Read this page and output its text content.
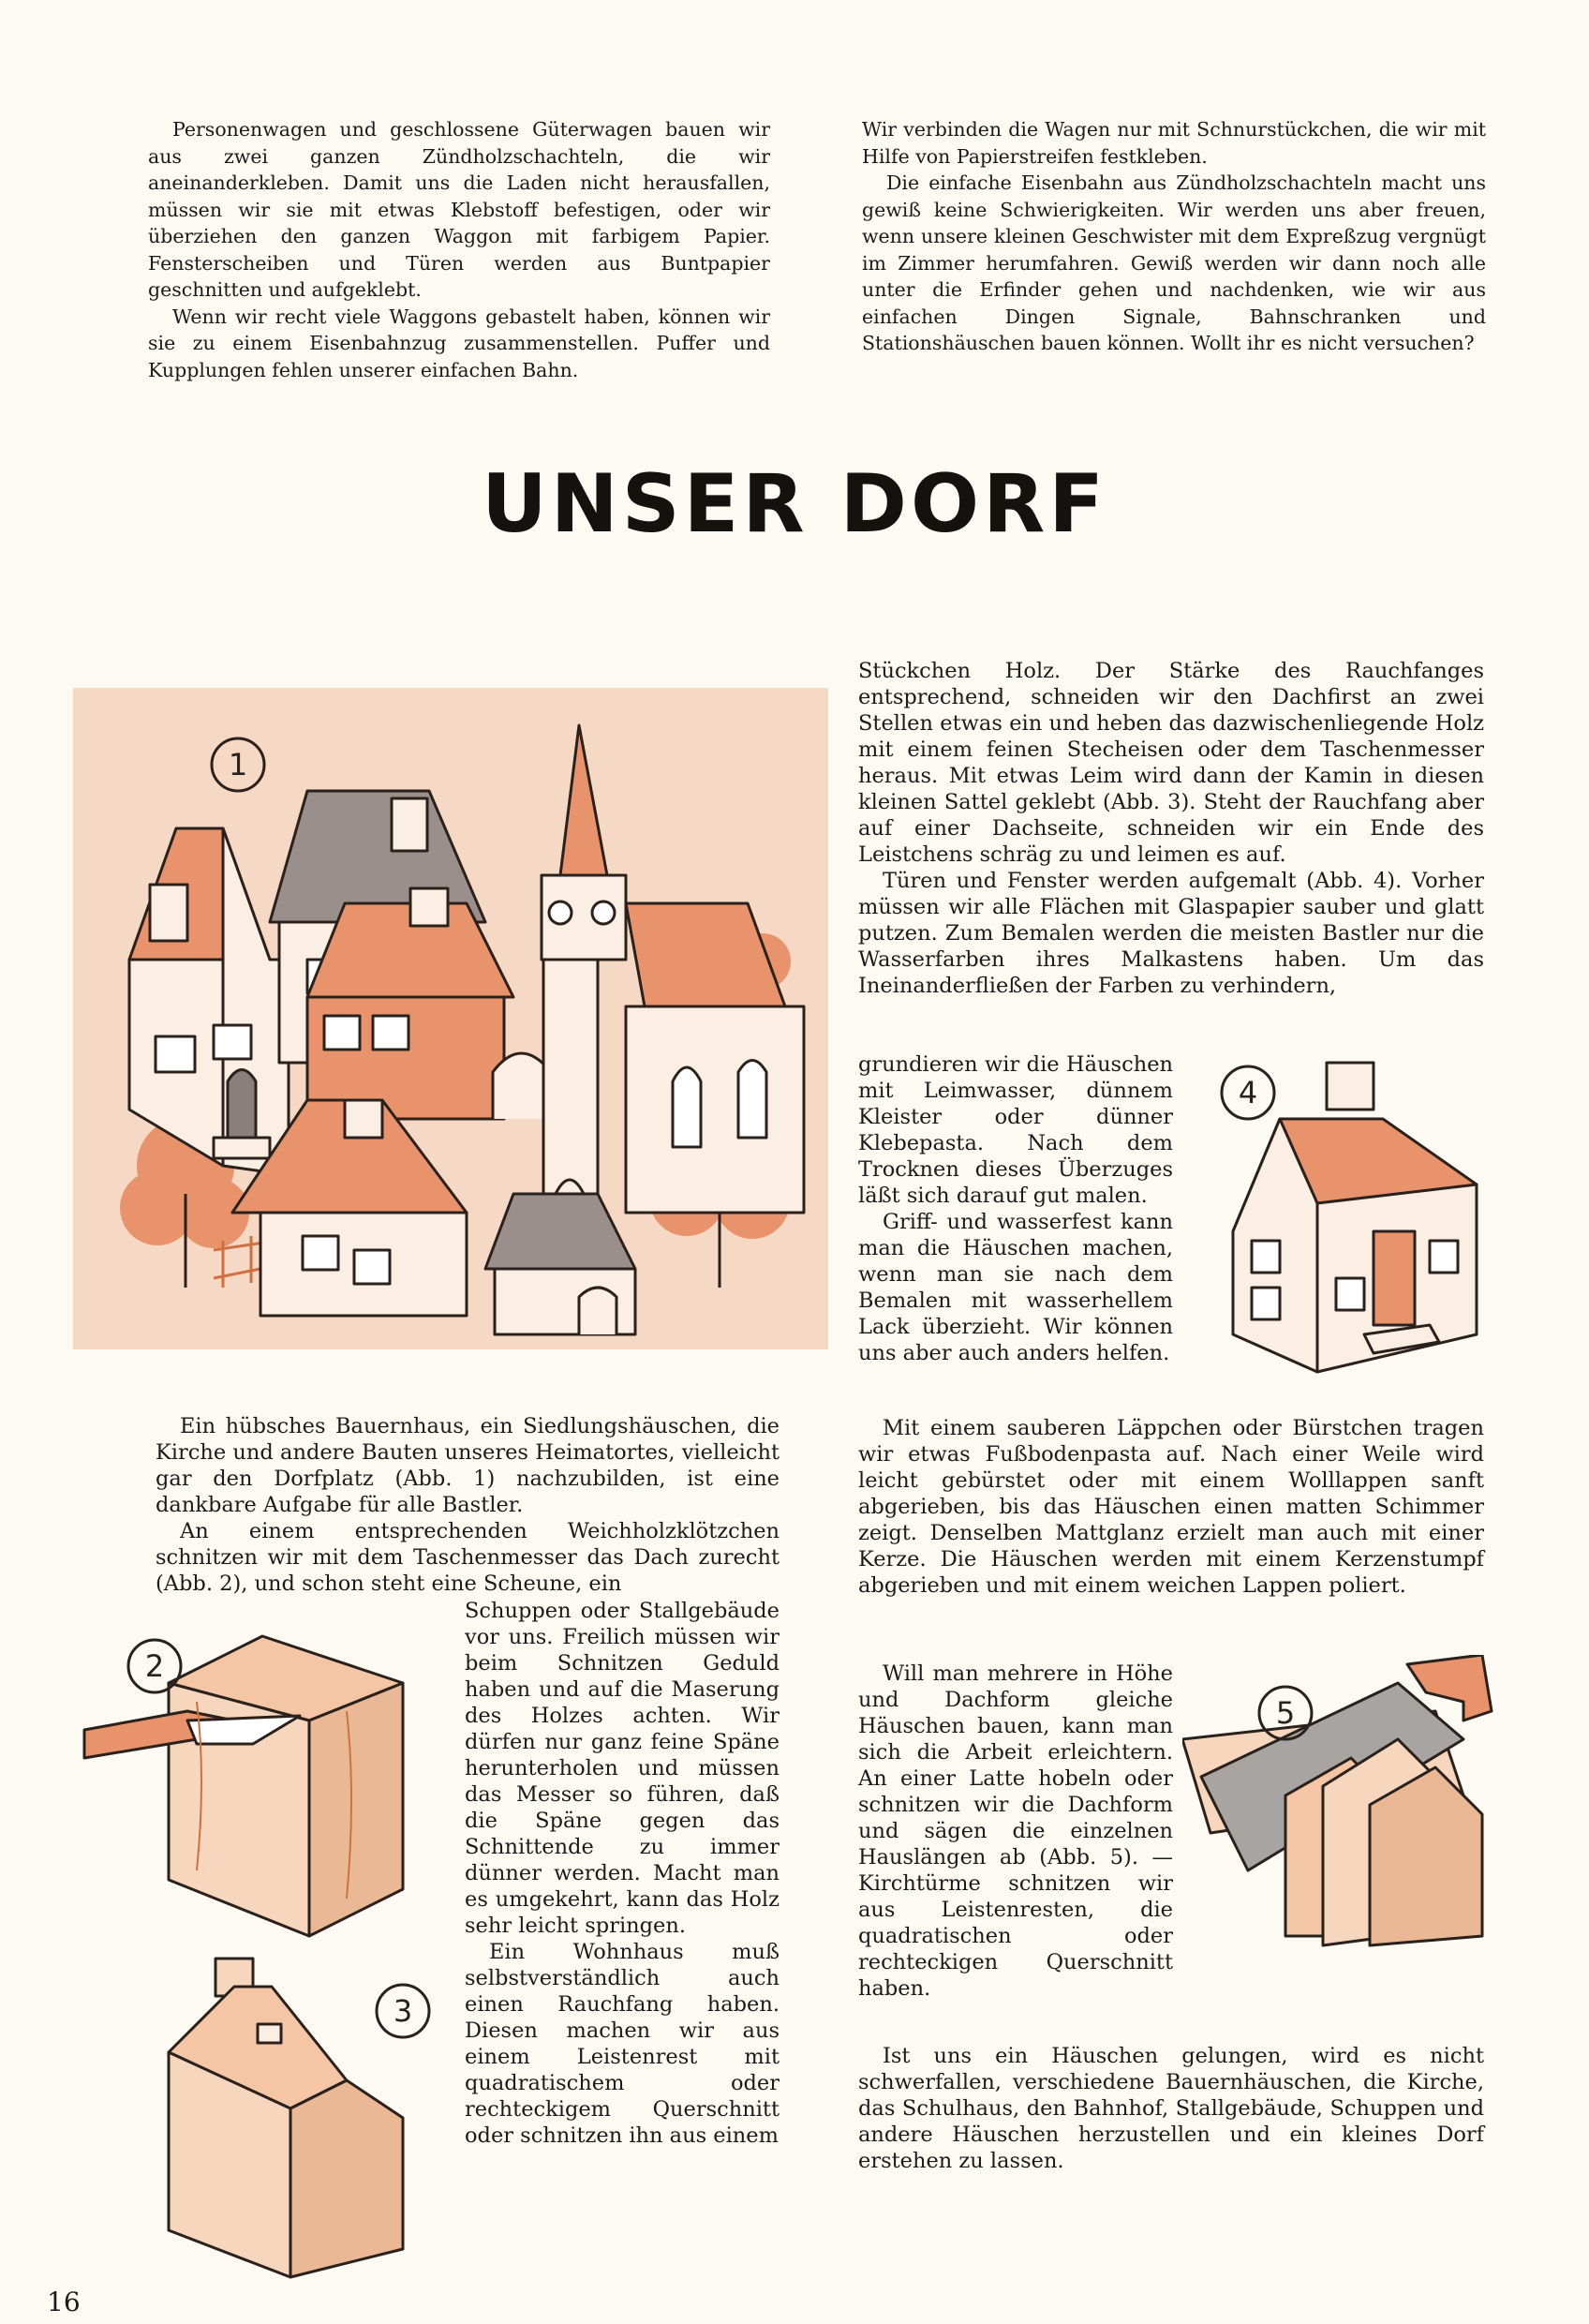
Personenwagen und geschlossene Güterwagen bauen wir aus zwei ganzen Zündholzschachteln, die wir aneinanderkleben. Damit uns die Laden nicht herausfallen, müssen wir sie mit etwas Klebstoff befestigen, oder wir überziehen den ganzen Waggon mit farbigem Papier. Fensterscheiben und Türen werden aus Buntpapier geschnitten und aufgeklebt.

Wenn wir recht viele Waggons gebastelt haben, können wir sie zu einem Eisenbahnzug zusammenstellen. Puffer und Kupplungen fehlen unserer einfachen Bahn.

Wir verbinden die Wagen nur mit Schnurstückchen, die wir mit Hilfe von Papierstreifen festkleben.

Die einfache Eisenbahn aus Zündholzschachteln macht uns gewiß keine Schwierigkeiten. Wir werden uns aber freuen, wenn unsere kleinen Geschwister mit dem Expreßzug vergnügt im Zimmer herumfahren. Gewiß werden wir dann noch alle unter die Erfinder gehen und nachdenken, wie wir aus einfachen Dingen Signale, Bahnschranken und Stationshäuschen bauen können. Wollt ihr es nicht versuchen?

UNSER DORF
1

Ein hübsches Bauernhaus, ein Siedlungshäuschen, die Kirche und andere Bauten unseres Heimatortes, vielleicht gar den Dorfplatz (Abb. 1) nachzubilden, ist eine dankbare Aufgabe für alle Bastler.

An einem entsprechenden Weichholzklötzchen schnitzen wir mit dem Taschenmesser das Dach zurecht (Abb. 2), und schon steht eine Scheune, ein

Schuppen oder Stallgebäude vor uns. Freilich müssen wir beim Schnitzen Geduld haben und auf die Maserung des Holzes achten. Wir dürfen nur ganz feine Späne herunterholen und müssen das Messer so führen, daß die Späne gegen das Schnittende zu immer dünner werden. Macht man es umgekehrt, kann das Holz sehr leicht springen.

Ein Wohnhaus muß selbstverständlich auch einen Rauchfang haben. Diesen machen wir aus einem Leistenrest mit quadratischem oder rechteckigem Querschnitt oder schnitzen ihn aus einem

2
3

Stückchen Holz. Der Stärke des Rauchfanges entsprechend, schneiden wir den Dachfirst an zwei Stellen etwas ein und heben das dazwischenliegende Holz mit einem feinen Stecheisen oder dem Taschenmesser heraus. Mit etwas Leim wird dann der Kamin in diesen kleinen Sattel geklebt (Abb. 3). Steht der Rauchfang aber auf einer Dachseite, schneiden wir ein Ende des Leistchens schräg zu und leimen es auf.

Türen und Fenster werden aufgemalt (Abb. 4). Vorher müssen wir alle Flächen mit Glaspapier sauber und glatt putzen. Zum Bemalen werden die meisten Bastler nur die Wasserfarben ihres Malkastens haben. Um das Ineinanderfließen der Farben zu verhindern,

grundieren wir die Häuschen mit Leimwasser, dünnem Kleister oder dünner Klebepasta. Nach dem Trocknen dieses Überzuges läßt sich darauf gut malen.

Griff- und wasserfest kann man die Häuschen machen, wenn man sie nach dem Bemalen mit wasserhellem Lack überzieht. Wir können uns aber auch anders helfen.

4

Mit einem sauberen Läppchen oder Bürstchen tragen wir etwas Fußbodenpasta auf. Nach einer Weile wird leicht gebürstet oder mit einem Wolllappen sanft abgerieben, bis das Häuschen einen matten Schimmer zeigt. Denselben Mattglanz erzielt man auch mit einer Kerze. Die Häuschen werden mit einem Kerzenstumpf abgerieben und mit einem weichen Lappen poliert.

Will man mehrere in Höhe und Dachform gleiche Häuschen bauen, kann man sich die Arbeit erleichtern. An einer Latte hobeln oder schnitzen wir die Dachform und sägen die einzelnen Hauslängen ab (Abb. 5). — Kirchtürme schnitzen wir aus Leistenresten, die quadratischen oder rechteckigen Querschnitt haben.

5

Ist uns ein Häuschen gelungen, wird es nicht schwerfallen, verschiedene Bauernhäuschen, die Kirche, das Schulhaus, den Bahnhof, Stallgebäude, Schuppen und andere Häuschen herzustellen und ein kleines Dorf erstehen zu lassen.

16
